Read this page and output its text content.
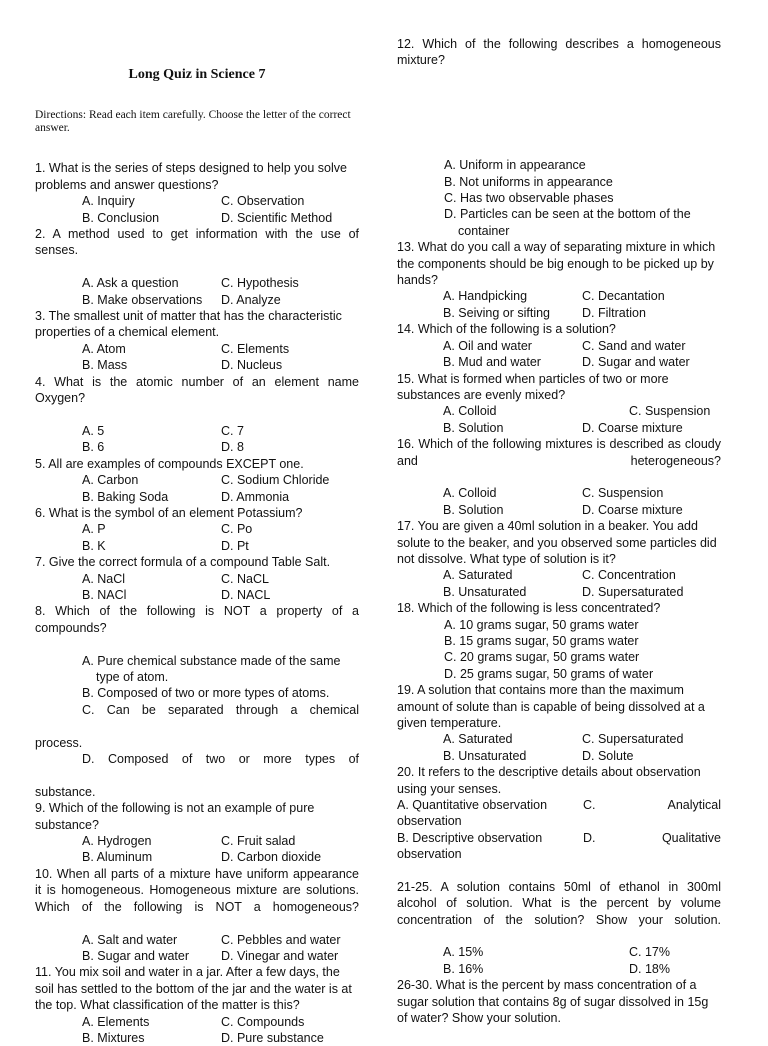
Long Quiz in Science 7
Directions: Read each item carefully. Choose the letter of the correct answer.
1. What is the series of steps designed to help you solve problems and answer questions?
A. Inquiry	C. Observation
B. Conclusion	D. Scientific Method
2. A method used to get information with the use of senses.
A. Ask a question	C. Hypothesis
B. Make observations	D. Analyze
3. The smallest unit of matter that has the characteristic properties of a chemical element.
A. Atom	C. Elements
B. Mass	D. Nucleus
4. What is the atomic number of an element name Oxygen?
A. 5	C. 7
B. 6	D. 8
5. All are examples of compounds EXCEPT one.
A. Carbon	C. Sodium Chloride
B. Baking Soda	D. Ammonia
6. What is the symbol of an element Potassium?
A. P	C. Po
B. K	D. Pt
7. Give the correct formula of a compound Table Salt.
A. NaCl	C. NaCL
B. NACl	D. NACL
8. Which of the following is NOT a property of a compounds?
A. Pure chemical substance made of the same
type of atom.
B. Composed of two or more types of atoms.
C. Can be separated through a chemical
process.
D. Composed of two or more types of
substance.
9. Which of the following is not an example of pure substance?
A. Hydrogen	C. Fruit salad
B. Aluminum	D. Carbon dioxide
10. When all parts of a mixture have uniform appearance it is homogeneous. Homogeneous mixture are solutions. Which of the following is NOT a homogeneous?
A. Salt and water	C. Pebbles and water
B. Sugar and water	D. Vinegar and water
11. You mix soil and water in a jar. After a few days, the soil has settled to the bottom of the jar and the water is at the top. What classification of the matter is this?
A. Elements	C. Compounds
B. Mixtures	D. Pure substance
12. Which of the following describes a homogeneous mixture?
A. Uniform in appearance
B. Not uniforms in appearance
C. Has two observable phases
D. Particles can be seen at the bottom of the
container
13. What do you call a way of separating mixture in which the components should be big enough to be picked up by hands?
A. Handpicking	C. Decantation
B. Seiving or sifting	D. Filtration
14. Which of the following is a solution?
A. Oil and water	C. Sand and water
B. Mud and water	D. Sugar and water
15. What is formed when particles of two or more substances are evenly mixed?
A. Colloid	C. Suspension
B. Solution	D. Coarse mixture
16. Which of the following mixtures is described as cloudy and heterogeneous?
A. Colloid	C. Suspension
B. Solution	D. Coarse mixture
17. You are given a 40ml solution in a beaker. You add solute to the beaker, and you observed some particles did not dissolve. What type of solution is it?
A. Saturated	C. Concentration
B. Unsaturated	D. Supersaturated
18. Which of the following is less concentrated?
A. 10 grams sugar, 50 grams water
B. 15 grams sugar, 50 grams water
C. 20 grams sugar, 50 grams water
D. 25 grams sugar, 50 grams of water
19. A solution that contains more than the maximum amount of solute than is capable of being dissolved at a given temperature.
A. Saturated	C. Supersaturated
B. Unsaturated	D. Solute
20. It refers to the descriptive details about observation using your senses.
A. Quantitative observation	C.	Analytical
observation
B. Descriptive observation	D.	Qualitative
observation
21-25. A solution contains 50ml of ethanol in 300ml alcohol of solution. What is the percent by volume concentration of the solution? Show your solution.
A. 15%	C. 17%
B. 16%	D. 18%
26-30. What is the percent by mass concentration of a sugar solution that contains 8g of sugar dissolved in 15g of water? Show your solution.
